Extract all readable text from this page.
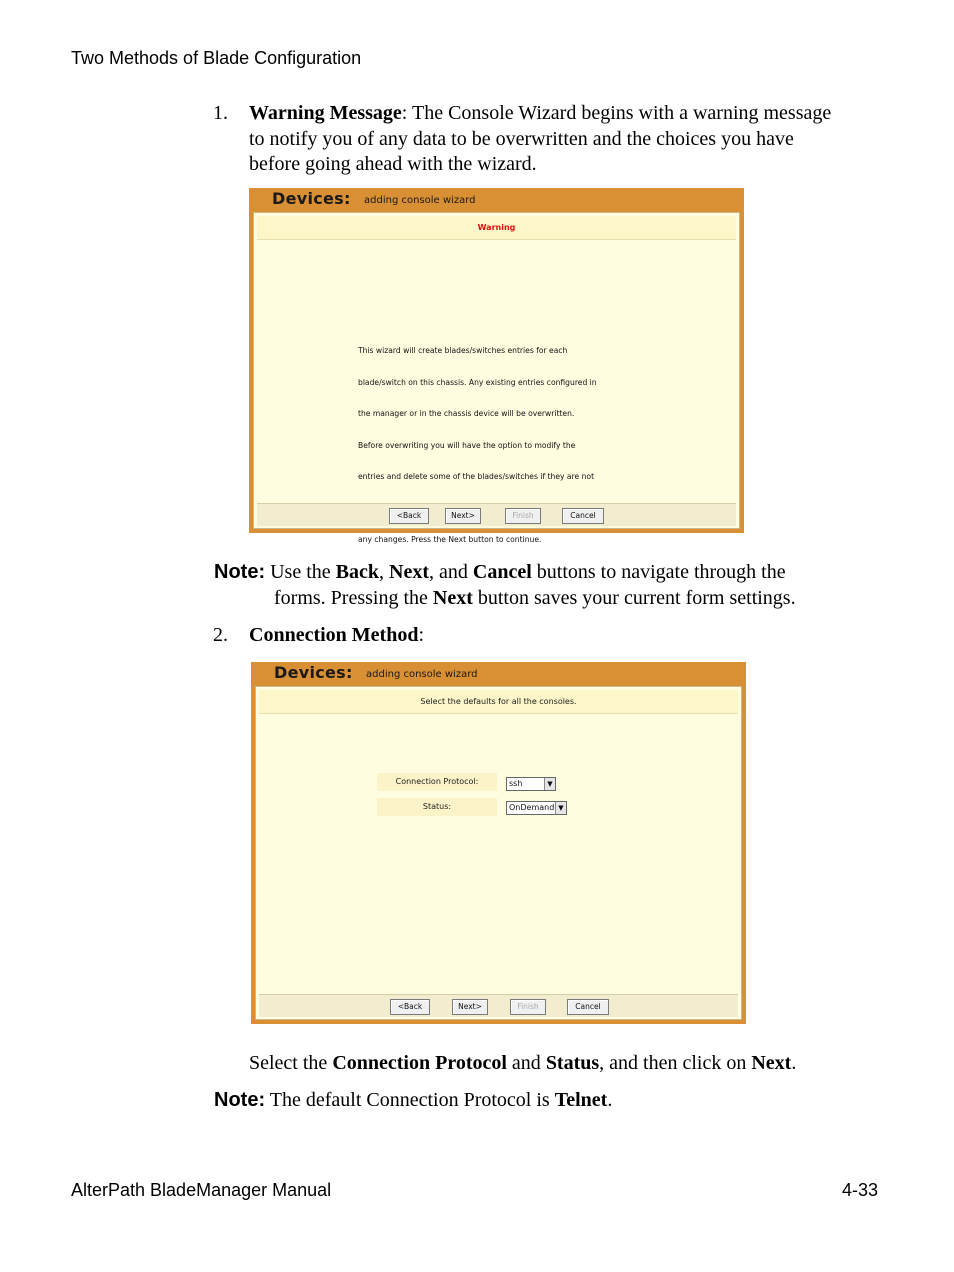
Two Methods of Blade Configuration
1. Warning Message: The Console Wizard begins with a warning message
to notify you of any data to be overwritten and the choices you have
before going ahead with the wizard.
Devices: adding console wizard
Warning

This wizard will create blades/switches entries for each

blade/switch on this chassis. Any existing entries configured in

the manager or in the chassis device will be overwritten.

Before overwriting you will have the option to modify the

entries and delete some of the blades/switches if they are not

any changes. Press the Next button to continue.

<Back	Next>	Finish	Cancel
Note: Use the Back, Next, and Cancel buttons to navigate through the
forms. Pressing the Next button saves your current form settings.
2. Connection Method:
Devices: adding console wizard
Select the defaults for all the consoles.
Connection Protocol:	ssh	▼
Status:	OnDemand ▼
<Back	Next>	Finish	Cancel
Select the Connection Protocol and Status, and then click on Next.
Note: The default Connection Protocol is Telnet.
AlterPath BladeManager Manual	4-33
